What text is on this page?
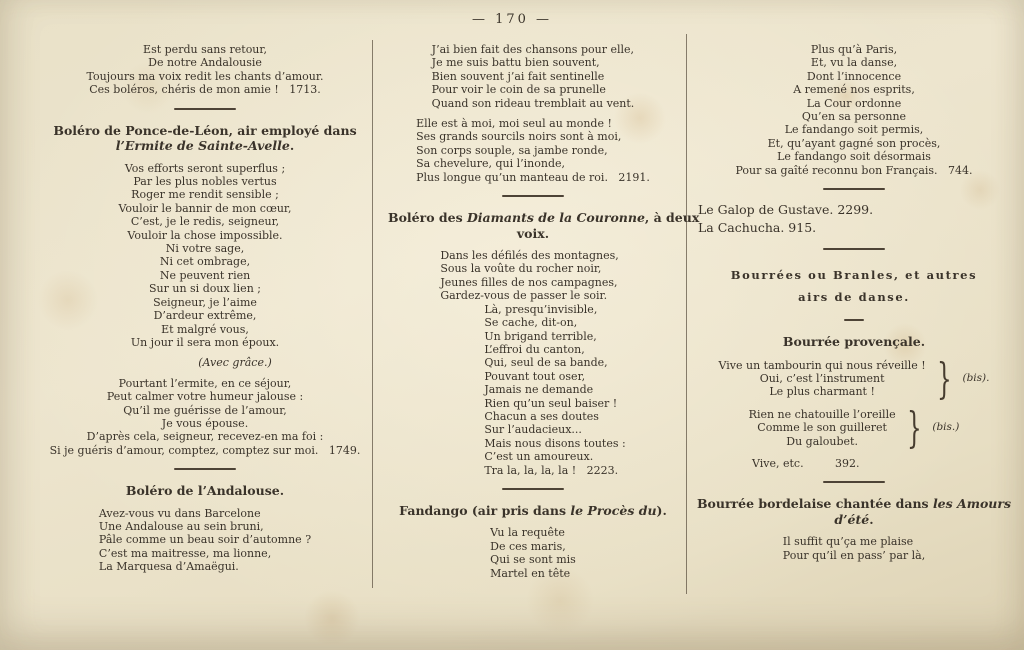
— 170 —
Est perdu sans retour,
De notre Andalousie
Toujours ma voix redit les chants d’amour.
Ces boléros, chéris de mon amie !   1713.
Boléro de Ponce-de-Léon, air employé dans
l’Ermite de Sainte-Avelle.
Vos efforts seront superflus ;
Par les plus nobles vertus
Roger me rendit sensible ;
Vouloir le bannir de mon cœur,
C’est, je le redis, seigneur,
Vouloir la chose impossible.
Ni votre sage,
Ni cet ombrage,
Ne peuvent rien
Sur un si doux lien ;
Seigneur, je l’aime
D’ardeur extrême,
Et malgré vous,
Un jour il sera mon époux.
(Avec grâce.)
Pourtant l’ermite, en ce séjour,
Peut calmer votre humeur jalouse :
Qu’il me guérisse de l’amour,
Je vous épouse.
D’après cela, seigneur, recevez-en ma foi :
Si je guéris d’amour, comptez, comptez sur moi.   1749.
Boléro de l’Andalouse.
Avez-vous vu dans Barcelone
Une Andalouse au sein bruni,
Pâle comme un beau soir d’automne ?
C’est ma maitresse, ma lionne,
La Marquesa d’Amaëgui.
J’ai bien fait des chansons pour elle,
Je me suis battu bien souvent,
Bien souvent j’ai fait sentinelle
Pour voir le coin de sa prunelle
Quand son rideau tremblait au vent.
Elle est à moi, moi seul au monde !
Ses grands sourcils noirs sont à moi,
Son corps souple, sa jambe ronde,
Sa chevelure, qui l’inonde,
Plus longue qu’un manteau de roi.   2191.
Boléro des Diamants de la Couronne, à deux
voix.
Dans les défilés des montagnes,
Sous la voûte du rocher noir,
Jeunes filles de nos campagnes,
Gardez-vous de passer le soir.
Là, presqu’invisible,
Se cache, dit-on,
Un brigand terrible,
L’effroi du canton,
Qui, seul de sa bande,
Pouvant tout oser,
Jamais ne demande
Rien qu’un seul baiser !
Chacun a ses doutes
Sur l’audacieux...
Mais nous disons toutes :
C’est un amoureux.
Tra la, la, la, la !   2223.
Fandango (air pris dans le Procès du).
Vu la requête
De ces maris,
Qui se sont mis
Martel en tête
Plus qu’à Paris,
Et, vu la danse,
Dont l’innocence
A remené nos esprits,
La Cour ordonne
Qu’en sa personne
Le fandango soit permis,
Et, qu’ayant gagné son procès,
Le fandango soit désormais
Pour sa gaîté reconnu bon Français.   744.
Le Galop de Gustave. 2299.
La Cachucha. 915.
Bourrées ou Branles, et autres
airs de danse.
Bourrée provençale.
Vive un tambourin qui nous réveille !
Oui, c’est l’instrument
Le plus charmant !	} (bis).
Rien ne chatouille l’oreille
Comme le son guilleret
Du galoubet.	} (bis.)
Vive, etc.         392.
Bourrée bordelaise chantée dans les Amours
d’été.
Il suffit qu’ça me plaise
Pour qu’il en pass’ par là,
